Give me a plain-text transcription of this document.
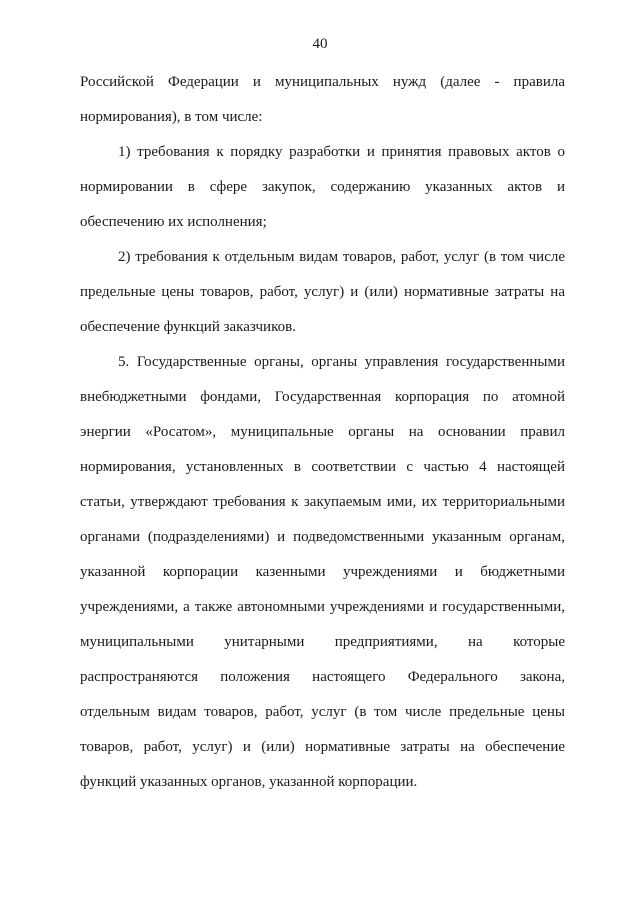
40
Российской Федерации и муниципальных нужд (далее - правила
нормирования), в том числе:
1) требования к порядку разработки и принятия правовых актов о
нормировании в сфере закупок, содержанию указанных актов и
обеспечению их исполнения;
2) требования к отдельным видам товаров, работ, услуг (в том числе
предельные цены товаров, работ, услуг) и (или) нормативные затраты на
обеспечение функций заказчиков.
5. Государственные органы, органы управления государственными
внебюджетными фондами, Государственная корпорация по атомной
энергии «Росатом», муниципальные органы на основании правил
нормирования, установленных в соответствии с частью 4 настоящей
статьи, утверждают требования к закупаемым ими, их территориальными
органами (подразделениями) и подведомственными указанным органам,
указанной корпорации казенными учреждениями и бюджетными
учреждениями, а также автономными учреждениями и государственными,
муниципальными унитарными предприятиями, на которые
распространяются положения настоящего Федерального закона,
отдельным видам товаров, работ, услуг (в том числе предельные цены
товаров, работ, услуг) и (или) нормативные затраты на обеспечение
функций указанных органов, указанной корпорации.
